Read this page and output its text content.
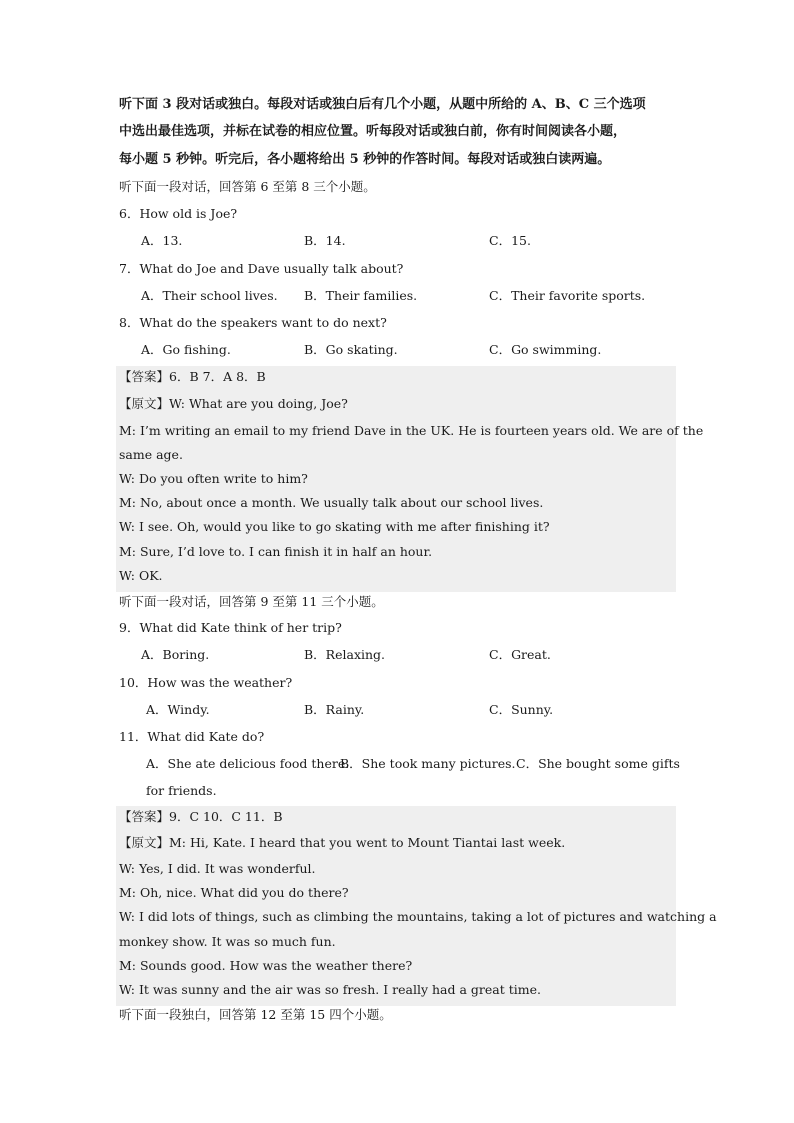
听下面 3 段对话或独白。每段对话或独白后有几个小题，从题中所给的 A、B、C 三个选项
中选出最佳选项，并标在试卷的相应位置。听每段对话或独白前，你有时间阅读各小题，
每小题 5 秒钟。听完后，各小题将给出 5 秒钟的作答时间。每段对话或独白读两遍。
听下面一段对话，回答第 6 至第 8 三个小题。
6．How old is Joe?
A．13.	B．14.	C．15.
7．What do Joe and Dave usually talk about?
A．Their school lives. B．Their families.	C．Their favorite sports.
8．What do the speakers want to do next?
A．Go fishing.	B．Go skating.	C．Go swimming.
【答案】6．B 7．A 8．B
【原文】W: What are you doing, Joe?
M: I’m writing an email to my friend Dave in the UK. He is fourteen years old. We are of the
same age.
W: Do you often write to him?
M: No, about once a month. We usually talk about our school lives.
W: I see. Oh, would you like to go skating with me after finishing it?
M: Sure, I’d love to. I can finish it in half an hour.
W: OK.
听下面一段对话，回答第 9 至第 11 三个小题。
9．What did Kate think of her trip?
A．Boring.	B．Relaxing.	C．Great.
10．How was the weather?
A．Windy.	B．Rainy.	C．Sunny.
11．What did Kate do?
A．She ate delicious food there.
B．She took many pictures. C．She bought some gifts
for friends.
【答案】9．C 10．C 11．B
【原文】M: Hi, Kate. I heard that you went to Mount Tiantai last week.
W: Yes, I did. It was wonderful.
M: Oh, nice. What did you do there?
W: I did lots of things, such as climbing the mountains, taking a lot of pictures and watching a
monkey show. It was so much fun.
M: Sounds good. How was the weather there?
W: It was sunny and the air was so fresh. I really had a great time.
听下面一段独白，回答第 12 至第 15 四个小题。
